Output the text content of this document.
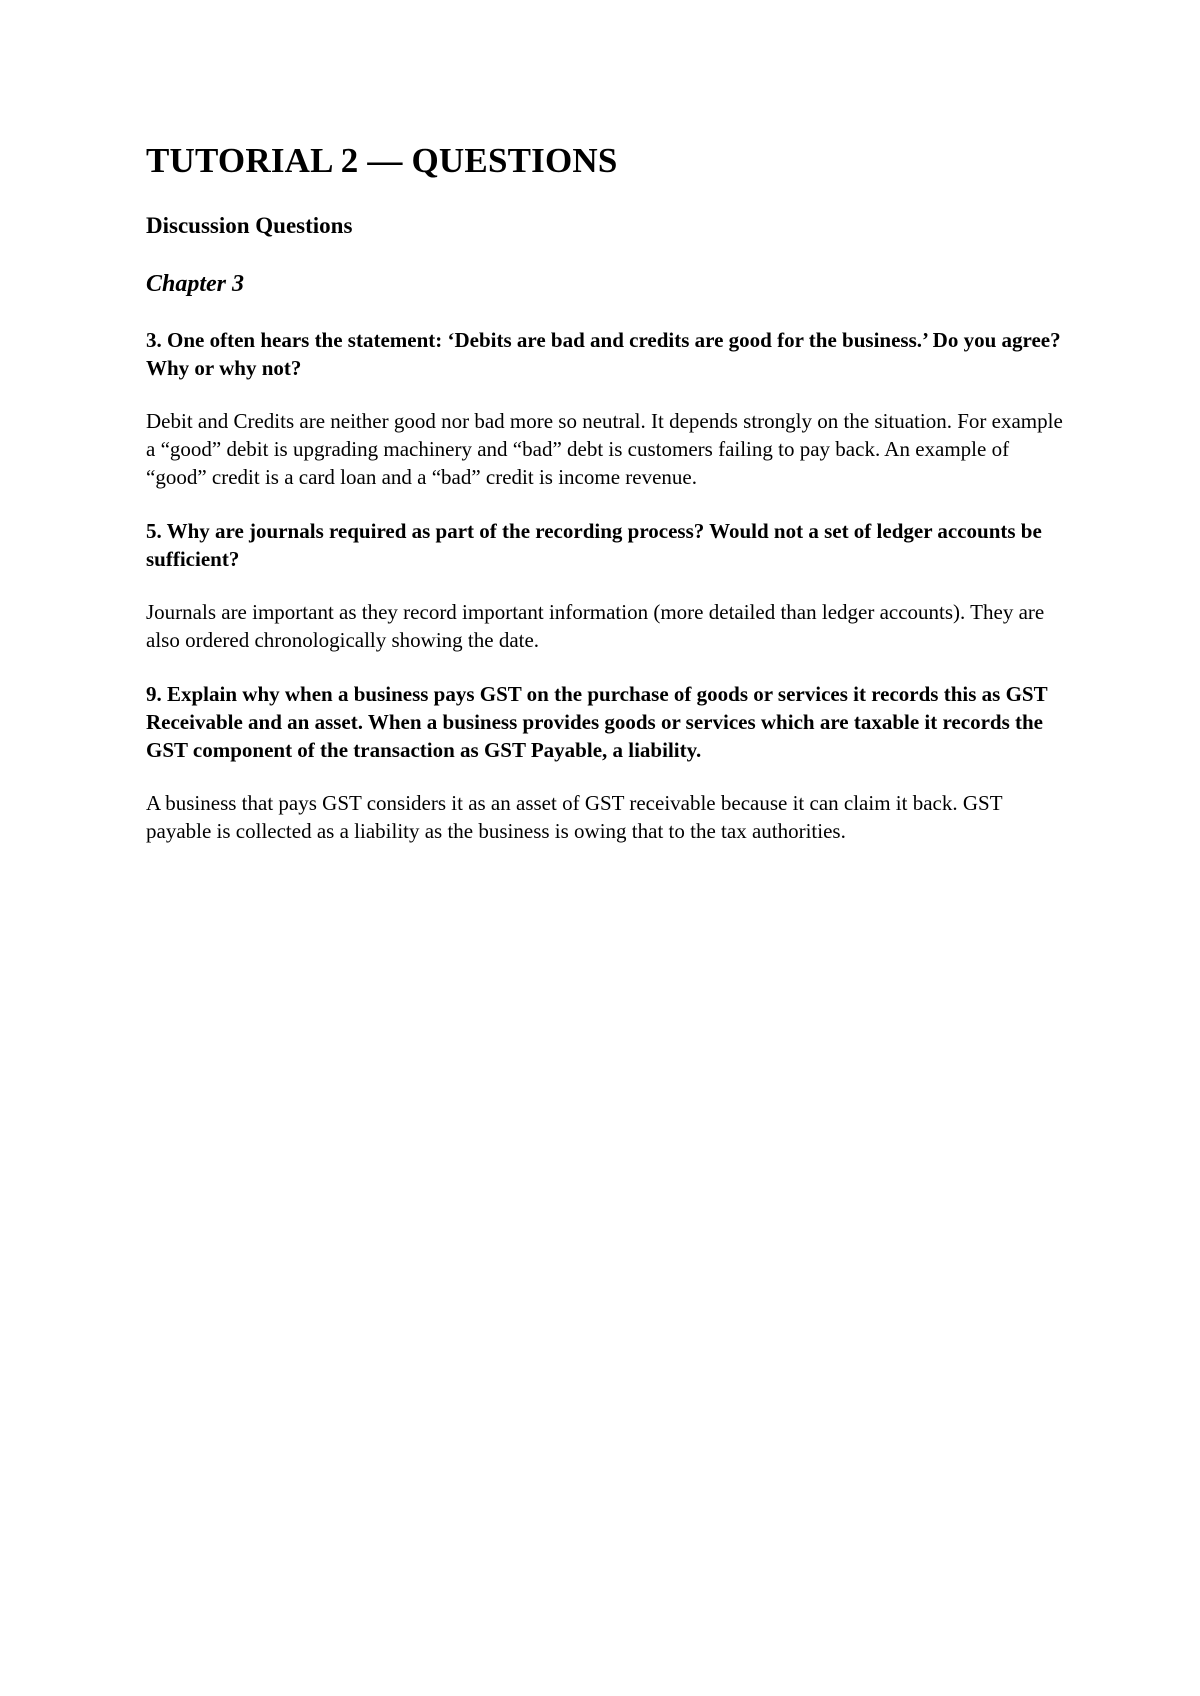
TUTORIAL 2 — QUESTIONS
Discussion Questions
Chapter 3

3. One often hears the statement: ‘Debits are bad and credits are good for the business.’ Do you agree? Why or why not?

Debit and Credits are neither good nor bad more so neutral. It depends strongly on the situation. For example a “good” debit is upgrading machinery and “bad” debt is customers failing to pay back. An example of “good” credit is a card loan and a “bad” credit is income revenue.

5. Why are journals required as part of the recording process? Would not a set of ledger accounts be sufficient?

Journals are important as they record important information (more detailed than ledger accounts). They are also ordered chronologically showing the date.

9. Explain why when a business pays GST on the purchase of goods or services it records this as GST Receivable and an asset. When a business provides goods or services which are taxable it records the GST component of the transaction as GST Payable, a liability.

A business that pays GST considers it as an asset of GST receivable because it can claim it back. GST payable is collected as a liability as the business is owing that to the tax authorities.
